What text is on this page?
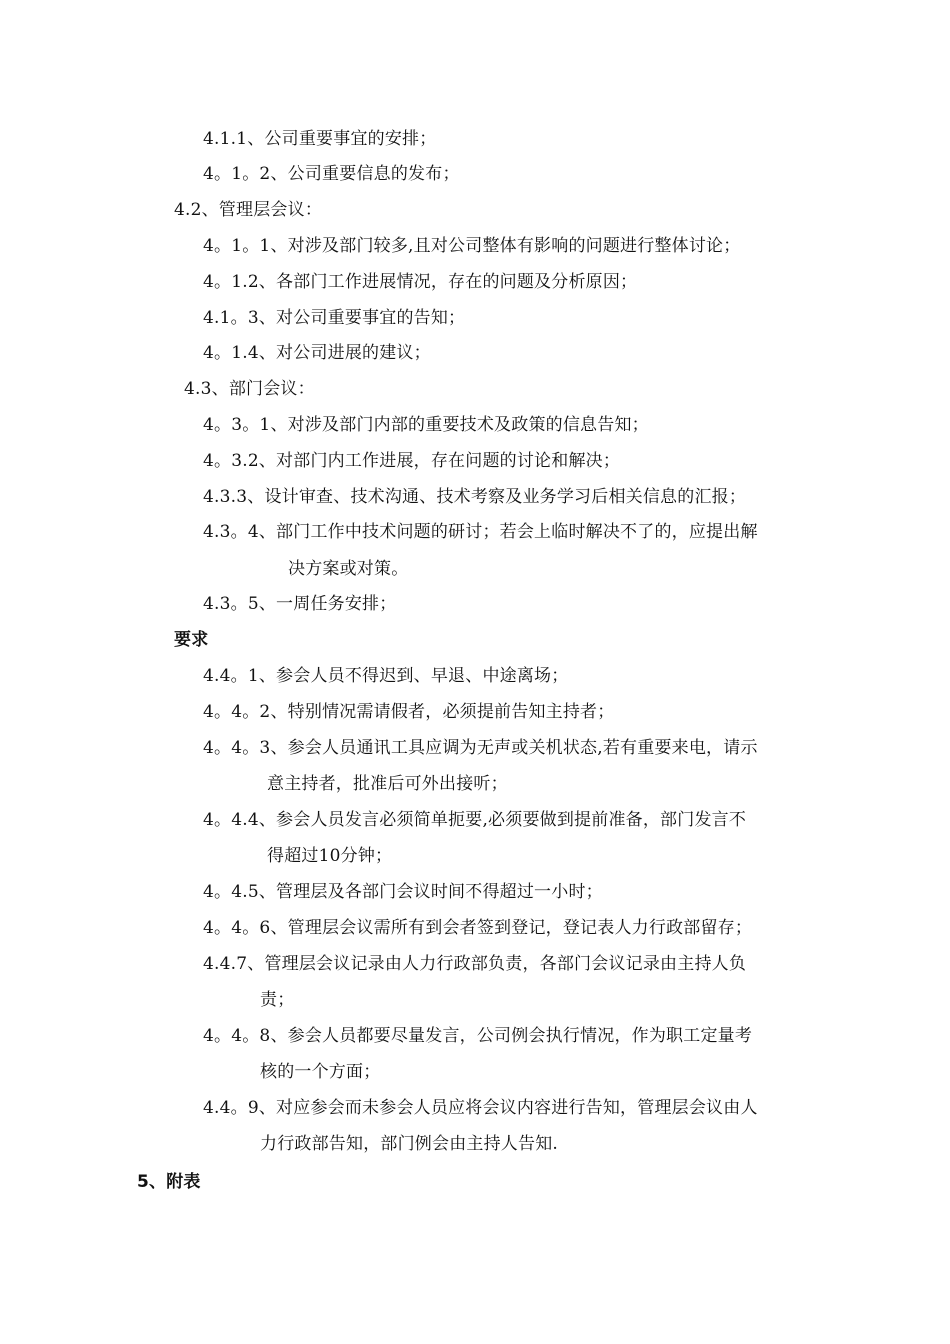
4.1.1、公司重要事宜的安排；
4。1。2、公司重要信息的发布；
4.2、管理层会议：
4。1。1、对涉及部门较多,且对公司整体有影响的问题进行整体讨论；
4。1.2、各部门工作进展情况，存在的问题及分析原因；
4.1。3、对公司重要事宜的告知；
4。1.4、对公司进展的建议；
4.3、部门会议：
4。3。1、对涉及部门内部的重要技术及政策的信息告知；
4。3.2、对部门内工作进展，存在问题的讨论和解决；
4.3.3、设计审查、技术沟通、技术考察及业务学习后相关信息的汇报；
4.3。4、部门工作中技术问题的研讨；若会上临时解决不了的，应提出解
决方案或对策。
4.3。5、一周任务安排；
要求
4.4。1、参会人员不得迟到、早退、中途离场；
4。4。2、特别情况需请假者，必须提前告知主持者；
4。4。3、参会人员通讯工具应调为无声或关机状态,若有重要来电，请示
意主持者，批准后可外出接听；
4。4.4、参会人员发言必须简单扼要,必须要做到提前准备，部门发言不
得超过10分钟；
4。4.5、管理层及各部门会议时间不得超过一小时；
4。4。6、管理层会议需所有到会者签到登记，登记表人力行政部留存；
4.4.7、管理层会议记录由人力行政部负责，各部门会议记录由主持人负
责；
4。4。8、参会人员都要尽量发言，公司例会执行情况，作为职工定量考
核的一个方面；
4.4。9、对应参会而未参会人员应将会议内容进行告知，管理层会议由人
力行政部告知，部门例会由主持人告知.
5、附表
